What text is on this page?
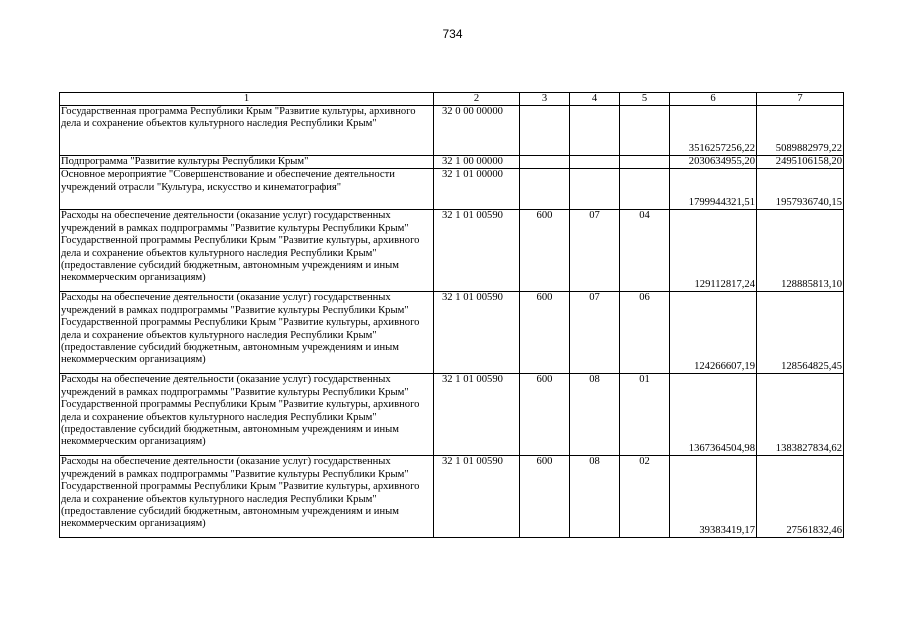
734
1	2	3	4	5	6	7
Государственная программа Республики Крым "Развитие культуры, архивного дела и сохранение объектов культурного наследия Республики Крым"	32 0 00 00000				3516257256,22	5089882979,22
Подпрограмма "Развитие культуры Республики Крым"	32 1 00 00000				2030634955,20	2495106158,20
Основное мероприятие "Совершенствование и обеспечение деятельности учреждений отрасли "Культура, искусство и кинематография"	32 1 01 00000				1799944321,51	1957936740,15
Расходы на обеспечение деятельности (оказание услуг) государственных учреждений в рамках подпрограммы "Развитие культуры Республики Крым" Государственной программы Республики Крым "Развитие культуры, архивного дела и сохранение объектов культурного наследия Республики Крым" (предоставление субсидий бюджетным, автономным учреждениям и иным некоммерческим организациям)	32 1 01 00590	600	07	04	129112817,24	128885813,10
Расходы на обеспечение деятельности (оказание услуг) государственных учреждений в рамках подпрограммы "Развитие культуры Республики Крым" Государственной программы Республики Крым "Развитие культуры, архивного дела и сохранение объектов культурного наследия Республики Крым" (предоставление субсидий бюджетным, автономным учреждениям и иным некоммерческим организациям)	32 1 01 00590	600	07	06	124266607,19	128564825,45
Расходы на обеспечение деятельности (оказание услуг) государственных учреждений в рамках подпрограммы "Развитие культуры Республики Крым" Государственной программы Республики Крым "Развитие культуры, архивного дела и сохранение объектов культурного наследия Республики Крым" (предоставление субсидий бюджетным, автономным учреждениям и иным некоммерческим организациям)	32 1 01 00590	600	08	01	1367364504,98	1383827834,62
Расходы на обеспечение деятельности (оказание услуг) государственных учреждений в рамках подпрограммы "Развитие культуры Республики Крым" Государственной программы Республики Крым "Развитие культуры, архивного дела и сохранение объектов культурного наследия Республики Крым" (предоставление субсидий бюджетным, автономным учреждениям и иным некоммерческим организациям)	32 1 01 00590	600	08	02	39383419,17	27561832,46
